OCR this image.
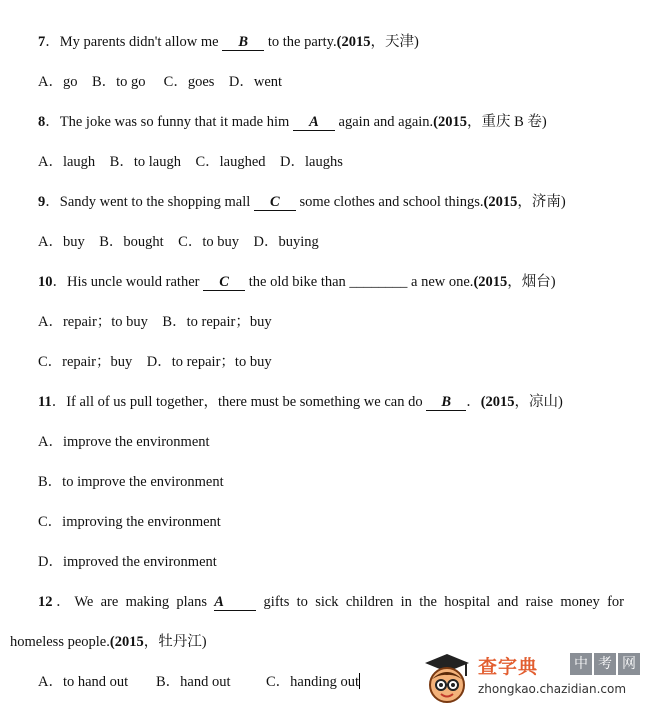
7．My parents didn't allow me B to the party.(2015，天津)
A．go　B．to go　 C．goes　D．went
8．The joke was so funny that it made him A again and again.(2015，重庆 B 卷)
A．laugh　B．to laugh　C．laughed　D．laughs
9．Sandy went to the shopping mall C some clothes and school things.(2015，济南)
A．buy　B．bought　C．to buy　D．buying
10．His uncle would rather C the old bike than ________ a new one.(2015，烟台)
A．repair；to buy　B．to repair；buy
C．repair；buy　D．to repair；to buy
11．If all of us pull together，there must be something we can do B ．(2015，凉山)
A．improve the environment
B．to improve the environment
C．improving the environment
D．improved the environment
12．We are making plans A gifts to sick children in the hospital and raise money for
homeless people.(2015，牡丹江)
A．to hand out B．hand out C．handing out
查字典	中 考 网
zhongkao.chazidian.com
